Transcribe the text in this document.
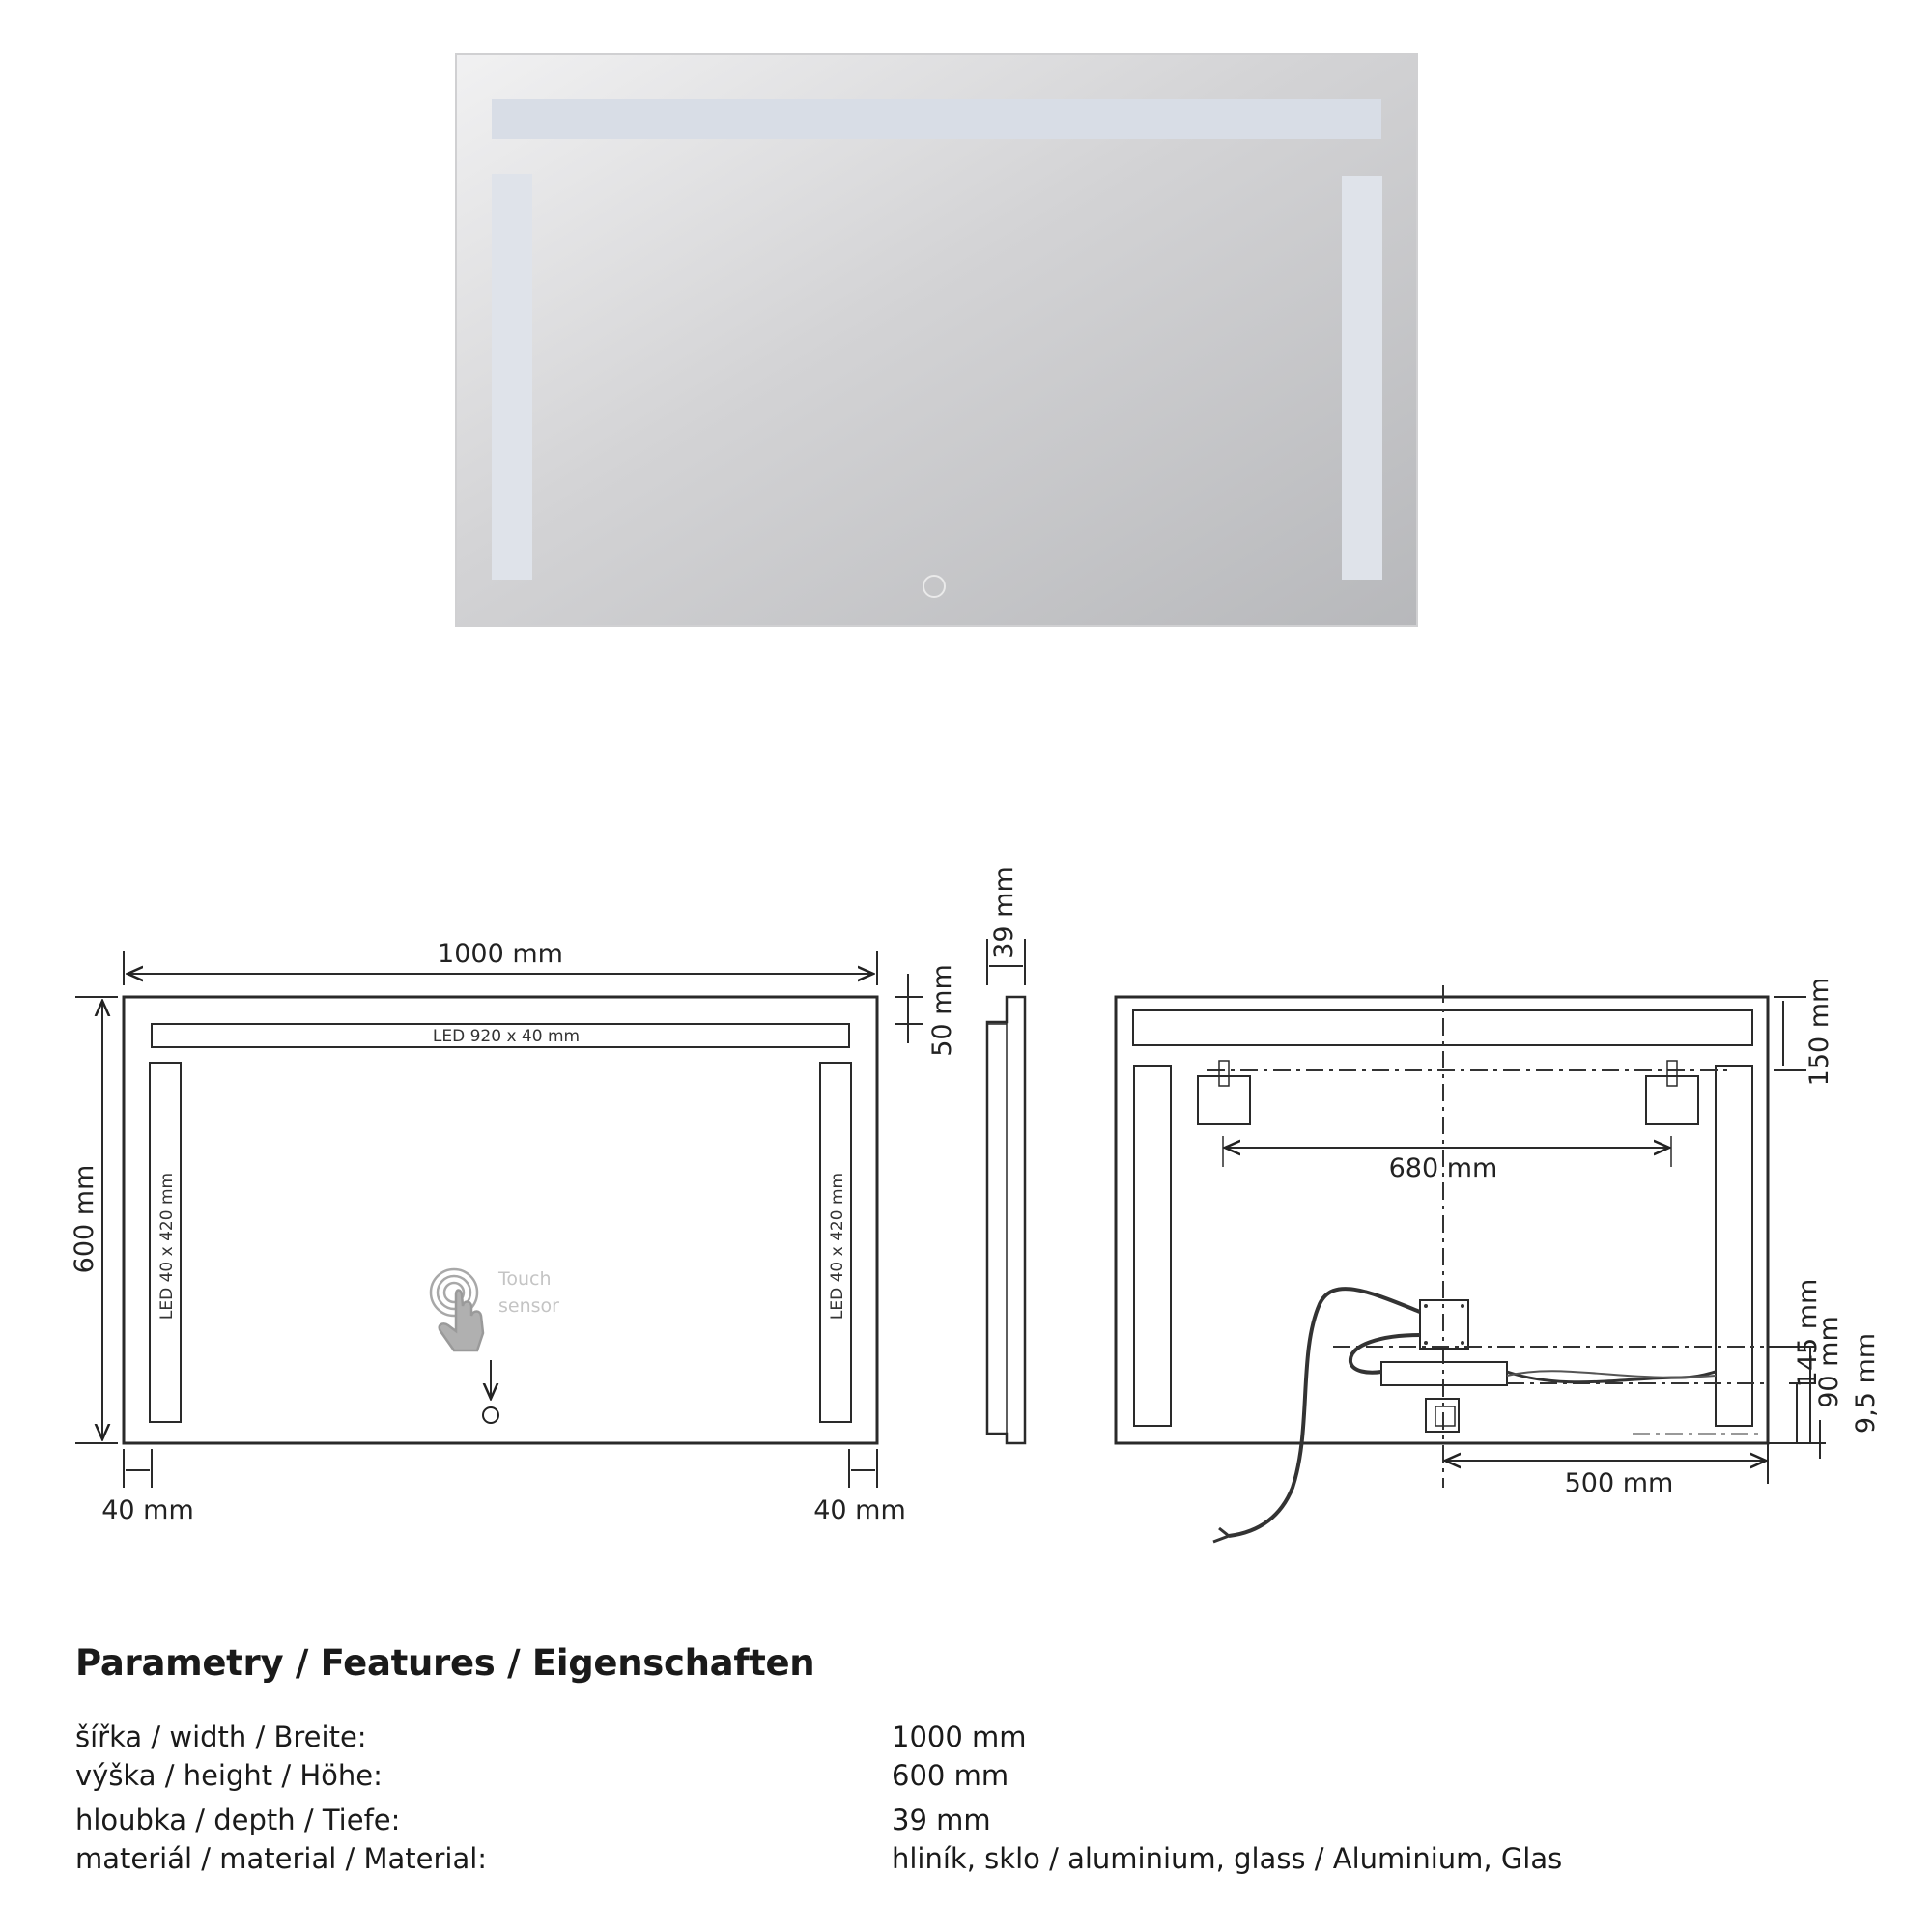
LED 920 x 40 mm
LED 40 x 420 mm	LED 40 x 420 mm
1000 mm
600 mm
50 mm
40 mm	40 mm
Touch
sensor
39 mm
680 mm
150 mm
145 mm
90 mm 9,5 mm
500 mm
Parametry / Features / Eigenschaften
šířka / width / Breite:	1000 mm
výška / height / Höhe:	600 mm
hloubka / depth / Tiefe:	39 mm
materiál / material / Material:	hliník, sklo / aluminium, glass / Aluminium, Glas
